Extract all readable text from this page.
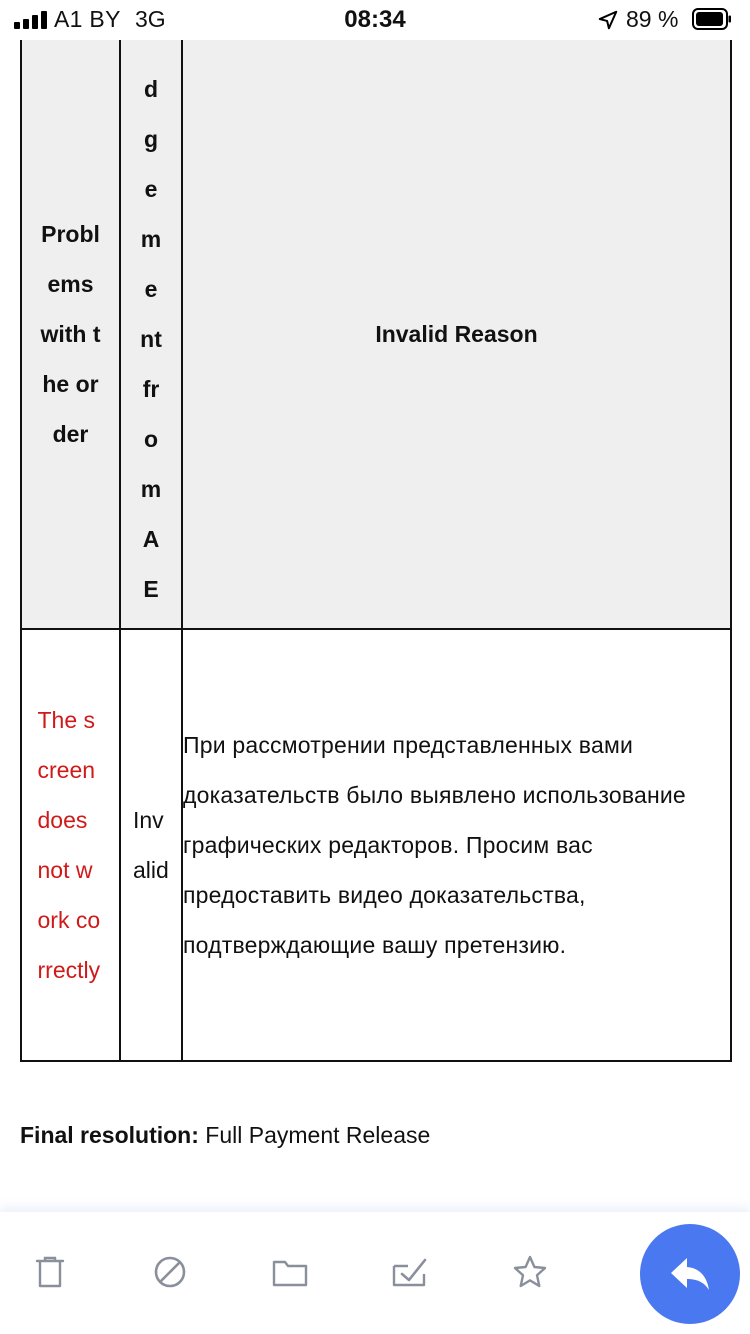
A1 BY 3G	08:34	89 %
Problems with the order	dgement from AE	Invalid Reason

The screen does not work correctly	Invalid	При рассмотрении представленных вами доказательств было выявлено использование графических редакторов. Просим вас предоставить видео доказательства, подтверждающие вашу претензию.
Final resolution: Full Payment Release
